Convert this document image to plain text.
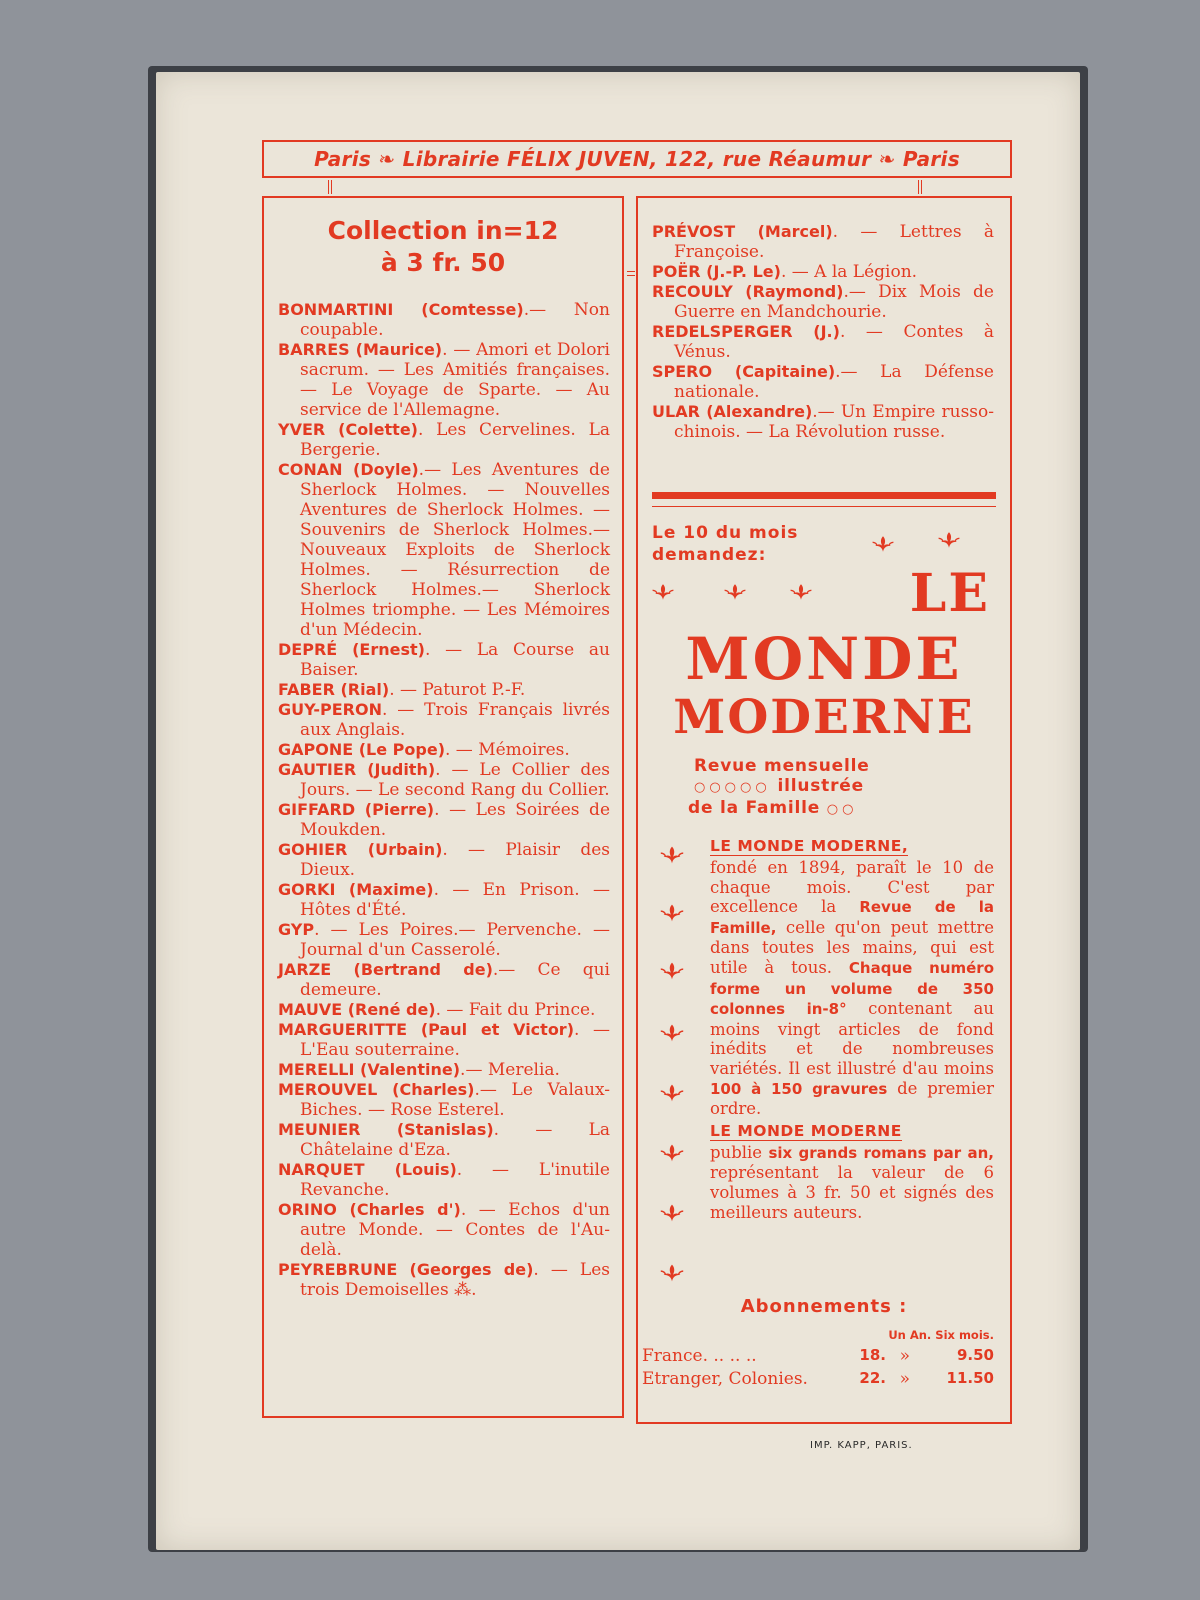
Paris ❧ Librairie FÉLIX JUVEN, 122, rue Réaumur ❧ Paris
Collection in=12
à 3 fr. 50

BONMARTINI (Comtesse).— Non coupable.

BARRES (Maurice). — Amori et Dolori sacrum. — Les Amitiés françaises. — Le Voyage de Sparte. — Au service de l'Allemagne.

YVER (Colette). Les Cervelines. La Bergerie.

CONAN (Doyle).— Les Aventures de Sherlock Holmes. — Nouvelles Aventures de Sherlock Holmes. — Souvenirs de Sherlock Holmes.— Nouveaux Exploits de Sherlock Holmes. — Résurrection de Sherlock Holmes.— Sherlock Holmes triomphe. — Les Mémoires d'un Médecin.

DEPRÉ (Ernest). — La Course au Baiser.

FABER (Rial). — Paturot P.-F.

GUY-PERON. — Trois Français livrés aux Anglais.

GAPONE (Le Pope). — Mémoires.

GAUTIER (Judith). — Le Collier des Jours. — Le second Rang du Collier.

GIFFARD (Pierre). — Les Soirées de Moukden.

GOHIER (Urbain). — Plaisir des Dieux.

GORKI (Maxime). — En Prison. — Hôtes d'Été.

GYP. — Les Poires.— Pervenche. — Journal d'un Casserolé.

JARZE (Bertrand de).— Ce qui demeure.

MAUVE (René de). — Fait du Prince.

MARGUERITTE (Paul et Victor). —L'Eau souterraine.

MERELLI (Valentine).— Merelia.

MEROUVEL (Charles).— Le Valaux-Biches. — Rose Esterel.

MEUNIER (Stanislas). — La Châtelaine d'Eza.

NARQUET (Louis). — L'inutile Revanche.

ORINO (Charles d'). — Echos d'un autre Monde. — Contes de l'Au-delà.

PEYREBRUNE (Georges de). — Les trois Demoiselles ⁂.

PRÉVOST (Marcel). — Lettres à Françoise.

POËR (J.-P. Le). — A la Légion.

RECOULY (Raymond).— Dix Mois de Guerre en Mandchourie.

REDELSPERGER (J.). — Contes à Vénus.

SPERO (Capitaine).— La Défense nationale.

ULAR (Alexandre).— Un Empire russo-chinois. — La Révolution russe.

Le 10 du mois
demandez:
LE
MONDE
MODERNE
Revue mensuelle
○○○○○ illustrée
de la Famille ○○

LE MONDE MODERNE,

fondé en 1894, paraît le 10 de chaque mois. C'est par excellence la Revue de la Famille, celle qu'on peut mettre dans toutes les mains, qui est utile à tous. Chaque numéro forme un volume de 350 colonnes in-8° contenant au moins vingt articles de fond inédits et de nombreuses variétés. Il est illustré d'au moins 100 à 150 gravures de premier ordre.

LE MONDE MODERNE

publie six grands romans par an, représentant la valeur de 6 volumes à 3 fr. 50 et signés des meilleurs auteurs.

Abonnements :
Un An. Six mois.
France. .. .. ..	18. »	9.50
Etranger, Colonies.	22. » 11.50
IMP. KAPP, PARIS.
